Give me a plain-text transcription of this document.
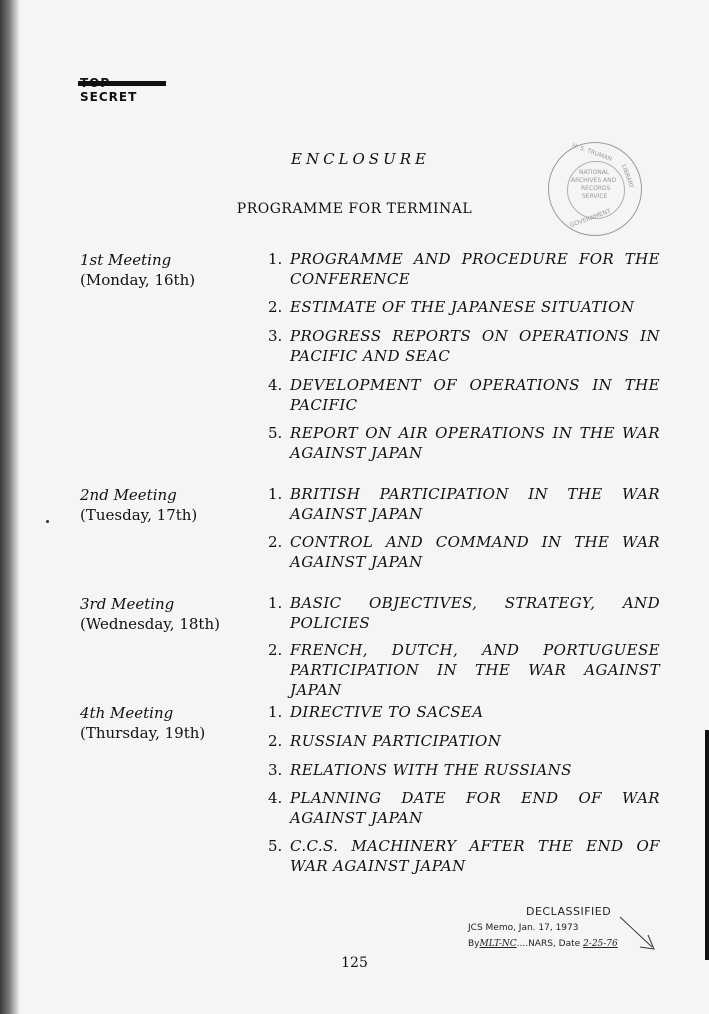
SECRET
ENCLOSURE
PROGRAMME FOR TERMINAL
H. S. TRUMAN
LIBRARY
NATIONAL
ARCHIVES AND
RECORDS
SERVICE
GOVERNMENT
1st Meeting
(Monday, 16th)
1. PROGRAMME AND PROCEDURE FOR THE CONFERENCE
2. ESTIMATE OF THE JAPANESE SITUATION
3. PROGRESS REPORTS ON OPERATIONS IN PACIFIC AND SEAC
4. DEVELOPMENT OF OPERATIONS IN THE PACIFIC
5. REPORT ON AIR OPERATIONS IN THE WAR AGAINST JAPAN
2nd Meeting
(Tuesday, 17th)
1. BRITISH PARTICIPATION IN THE WAR AGAINST JAPAN
2. CONTROL AND COMMAND IN THE WAR AGAINST JAPAN
3rd Meeting
(Wednesday, 18th)
1. BASIC OBJECTIVES, STRATEGY, AND POLICIES
2. FRENCH, DUTCH, AND PORTUGUESE PARTICIPATION IN THE WAR AGAINST JAPAN
4th Meeting
(Thursday, 19th)
1. DIRECTIVE TO SACSEA
2. RUSSIAN PARTICIPATION
3. RELATIONS WITH THE RUSSIANS
4. PLANNING DATE FOR END OF WAR AGAINST JAPAN
5. C.C.S. MACHINERY AFTER THE END OF WAR AGAINST JAPAN
DECLASSIFIED
JCS Memo, Jan. 17, 1973
ByMLT-NC....NARS, Date 2-25-76
125
